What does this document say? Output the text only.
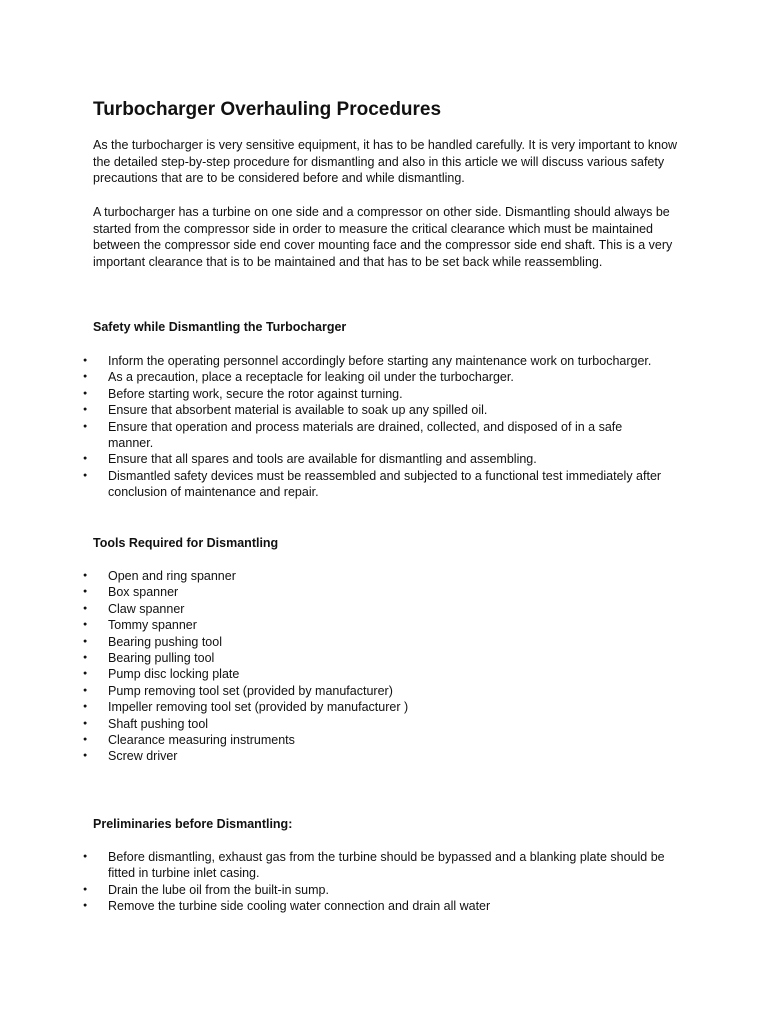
Turbocharger Overhauling Procedures

As the turbocharger is very sensitive equipment, it has to be handled carefully. It is very important to know the detailed step-by-step procedure for dismantling and also in this article we will discuss various safety precautions that are to be considered before and while dismantling.

A turbocharger has a turbine on one side and a compressor on other side. Dismantling should always be started from the compressor side in order to measure the critical clearance which must be maintained between the compressor side end cover mounting face and the compressor side end shaft. This is a very important clearance that is to be maintained and that has to be set back while reassembling.

Safety while Dismantling the Turbocharger
● Inform the operating personnel accordingly before starting any maintenance work on turbocharger.
● As a precaution, place a receptacle for leaking oil under the turbocharger.
● Before starting work, secure the rotor against turning.
● Ensure that absorbent material is available to soak up any spilled oil.
● Ensure that operation and process materials are drained, collected, and disposed of in a safe manner.
● Ensure that all spares and tools are available for dismantling and assembling.
● Dismantled safety devices must be reassembled and subjected to a functional test immediately after conclusion of maintenance and repair.
Tools Required for Dismantling
● Open and ring spanner
● Box spanner
● Claw spanner
● Tommy spanner
● Bearing pushing tool
● Bearing pulling tool
● Pump disc locking plate
● Pump removing tool set (provided by manufacturer)
● Impeller removing tool set (provided by manufacturer )
● Shaft pushing tool
● Clearance measuring instruments
● Screw driver
Preliminaries before Dismantling:
● Before dismantling, exhaust gas from the turbine should be bypassed and a blanking plate should be fitted in turbine inlet casing.
● Drain the lube oil from the built-in sump.
● Remove the turbine side cooling water connection and drain all water
